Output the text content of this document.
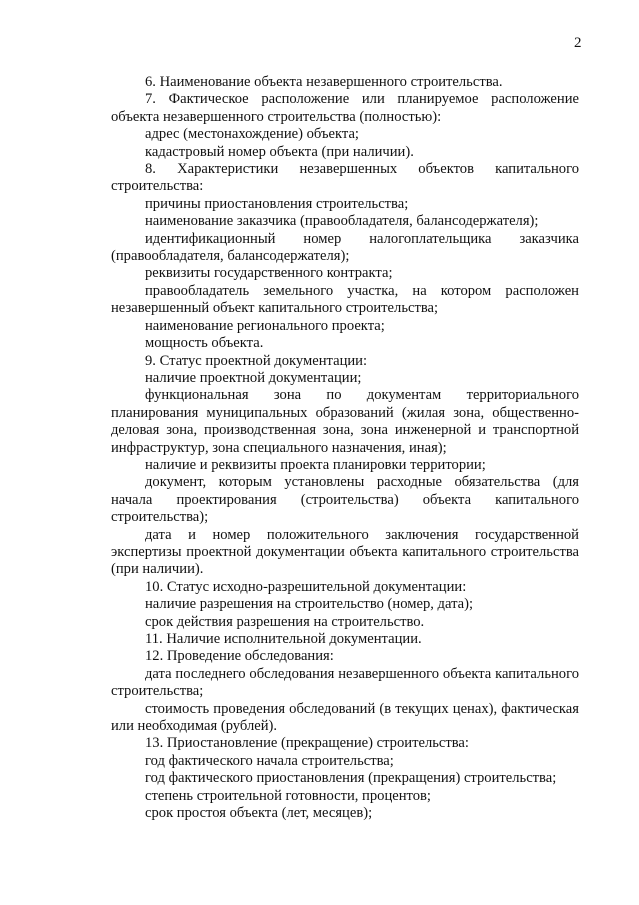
2

6. Наименование объекта незавершенного строительства.

7. Фактическое расположение или планируемое расположение объекта незавершенного строительства (полностью):

адрес (местонахождение) объекта;

кадастровый номер объекта (при наличии).

8. Характеристики незавершенных объектов капитального строительства:

причины приостановления строительства;

наименование заказчика (правообладателя, балансодержателя);

идентификационный номер налогоплательщика заказчика (правообладателя, балансодержателя);

реквизиты государственного контракта;

правообладатель земельного участка, на котором расположен незавершенный объект капитального строительства;

наименование регионального проекта;

мощность объекта.

9. Статус проектной документации:

наличие проектной документации;

функциональная зона по документам территориального планирования муниципальных образований (жилая зона, общественно-деловая зона, производственная зона, зона инженерной и транспортной инфраструктур, зона специального назначения, иная);

наличие и реквизиты проекта планировки территории;

документ, которым установлены расходные обязательства (для начала проектирования (строительства) объекта капитального строительства);

дата и номер положительного заключения государственной экспертизы проектной документации объекта капитального строительства (при наличии).

10. Статус исходно-разрешительной документации:

наличие разрешения на строительство (номер, дата);

срок действия разрешения на строительство.

11. Наличие исполнительной документации.

12. Проведение обследования:

дата последнего обследования незавершенного объекта капитального строительства;

стоимость проведения обследований (в текущих ценах), фактическая или необходимая (рублей).

13. Приостановление (прекращение) строительства:

год фактического начала строительства;

год фактического приостановления (прекращения) строительства;

степень строительной готовности, процентов;

срок простоя объекта (лет, месяцев);
